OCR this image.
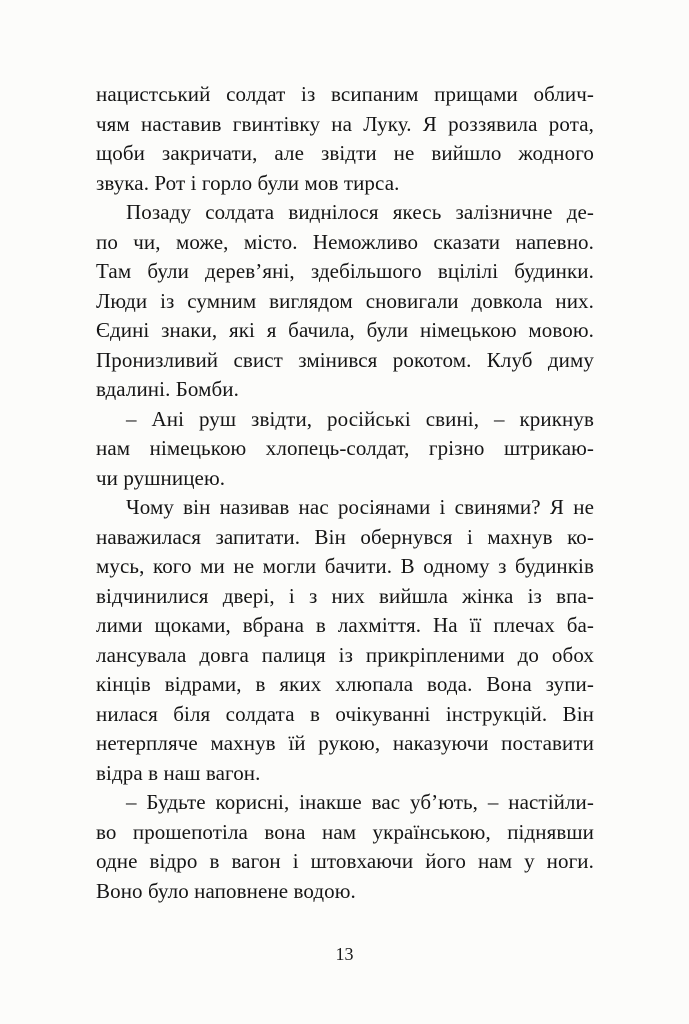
нацистський солдат із всипаним прищами облич-
чям наставив гвинтівку на Луку. Я роззявила рота,
щоби закричати, але звідти не вийшло жодного
звука. Рот і горло були мов тирса.
Позаду солдата виднілося якесь залізничне де-
по чи, може, місто. Неможливо сказати напевно.
Там були дерев’яні, здебільшого вцілілі будинки.
Люди із сумним виглядом сновигали довкола них.
Єдині знаки, які я бачила, були німецькою мовою.
Пронизливий свист змінився рокотом. Клуб диму
вдалині. Бомби.
– Ані руш звідти, російські свині, – крикнув
нам німецькою хлопець-солдат, грізно штрикаю-
чи рушницею.
Чому він називав нас росіянами і свинями? Я не
наважилася запитати. Він обернувся і махнув ко-
мусь, кого ми не могли бачити. В одному з будинків
відчинилися двері, і з них вийшла жінка із впа-
лими щоками, вбрана в лахміття. На її плечах ба-
лансувала довга палиця із прикріпленими до обох
кінців відрами, в яких хлюпала вода. Вона зупи-
нилася біля солдата в очікуванні інструкцій. Він
нетерпляче махнув їй рукою, наказуючи поставити
відра в наш вагон.
– Будьте корисні, інакше вас уб’ють, – настійли-
во прошепотіла вона нам українською, піднявши
одне відро в вагон і штовхаючи його нам у ноги.
Воно було наповнене водою.
13
